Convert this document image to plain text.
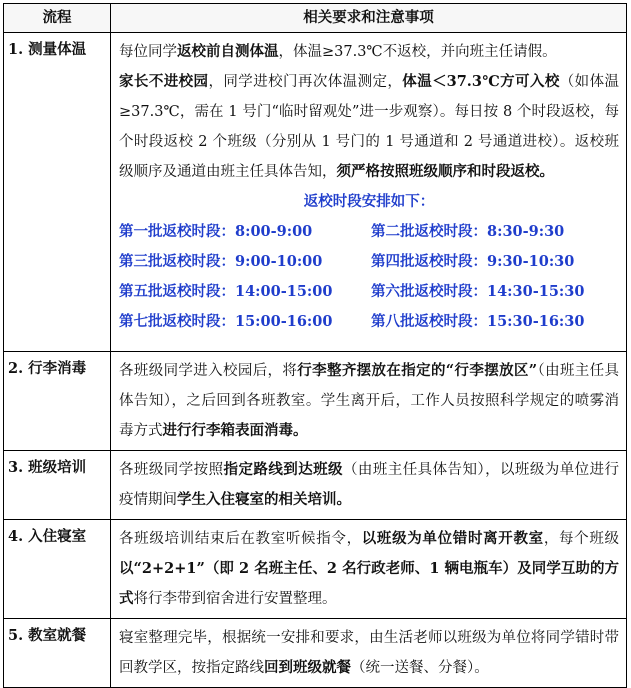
流程	相关要求和注意事项
1. 测量体温	每位同学返校前自测体温，体温≥37.3℃不返校，并向班主任请假。
家长不进校园，同学进校门再次体温测定，体温＜37.3℃方可入校（如体温≥37.3℃，需在 1 号门“临时留观处”进一步观察）。每日按 8 个时段返校，每个时段返校 2 个班级（分别从 1 号门的 1 号通道和 2 号通道进校）。返校班级顺序及通道由班主任具体告知，须严格按照班级顺序和时段返校。
返校时段安排如下：
第一批返校时段：8:00-9:00	第二批返校时段：8:30-9:30
第三批返校时段：9:00-10:00	第四批返校时段：9:30-10:30
第五批返校时段：14:00-15:00	第六批返校时段：14:30-15:30
第七批返校时段：15:00-16:00	第八批返校时段：15:30-16:30
2. 行李消毒	各班级同学进入校园后，将行李整齐摆放在指定的“行李摆放区”（由班主任具体告知），之后回到各班教室。学生离开后，工作人员按照科学规定的喷雾消毒方式进行行李箱表面消毒。
3. 班级培训	各班级同学按照指定路线到达班级（由班主任具体告知），以班级为单位进行疫情期间学生入住寝室的相关培训。
4. 入住寝室	各班级培训结束后在教室听候指令，以班级为单位错时离开教室，每个班级以“2+2+1”（即 2 名班主任、2 名行政老师、1 辆电瓶车）及同学互助的方式将行李带到宿舍进行安置整理。
5. 教室就餐	寝室整理完毕，根据统一安排和要求，由生活老师以班级为单位将同学错时带回教学区，按指定路线回到班级就餐（统一送餐、分餐）。
